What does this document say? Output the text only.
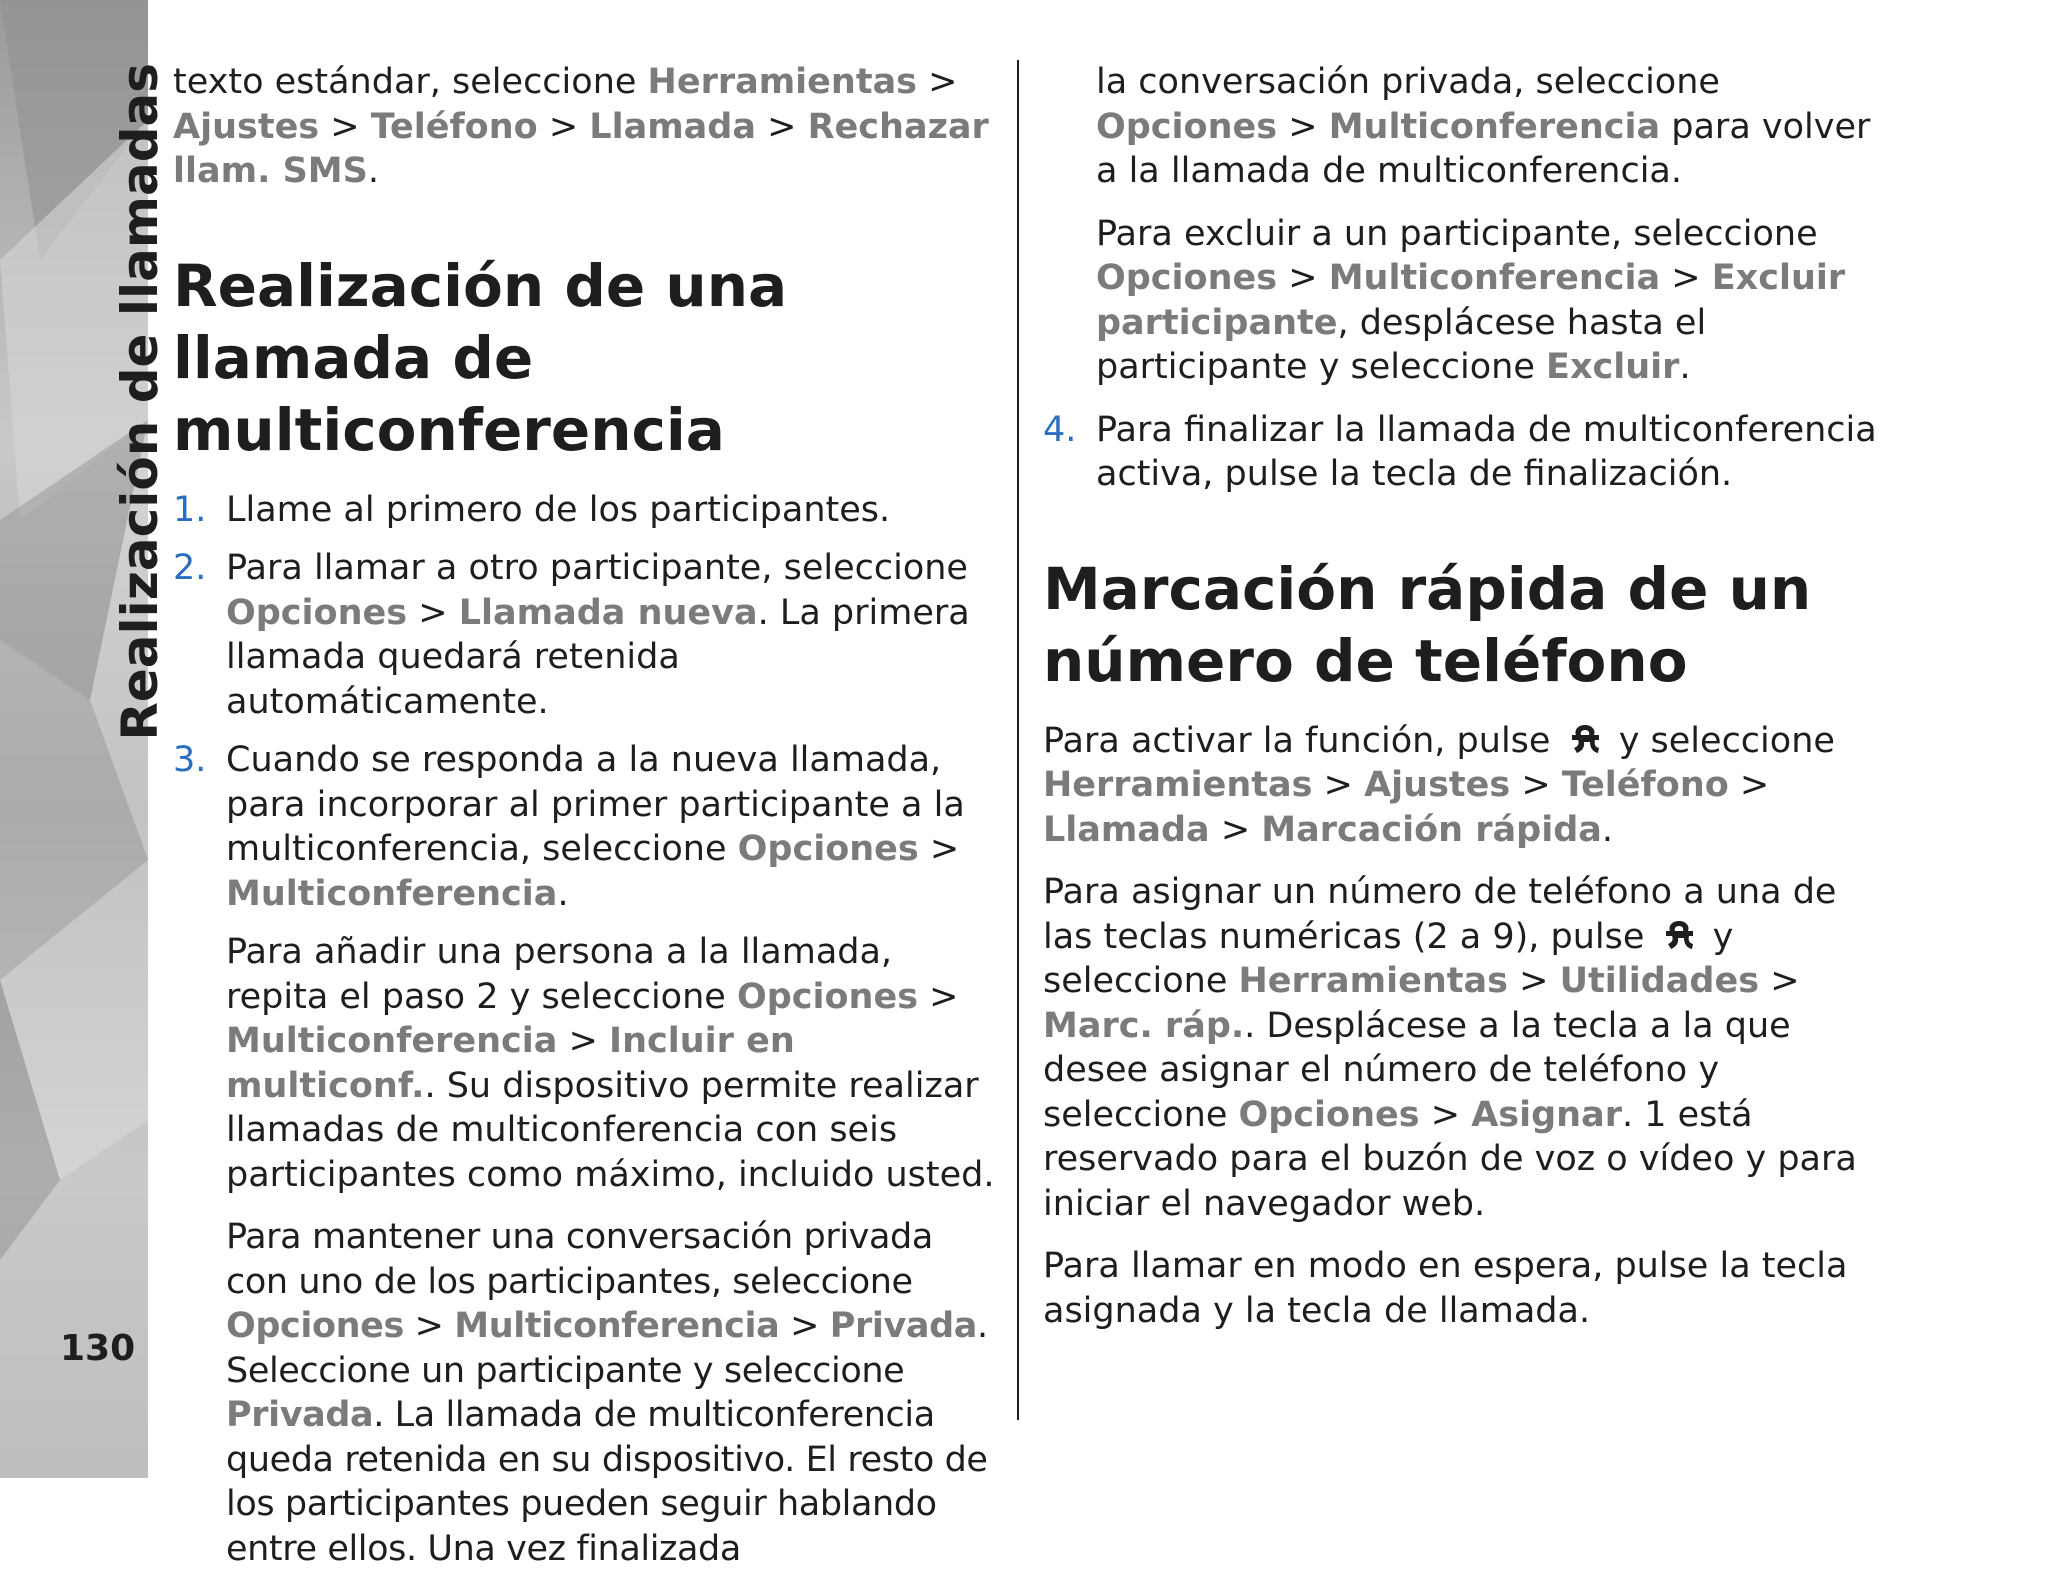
Realización de llamadas
130

texto estándar, seleccione Herramientas > Ajustes > Teléfono > Llamada > Rechazar llam. SMS.

Realización de una llamada de multiconferencia
1. Llame al primero de los participantes.
2. Para llamar a otro participante, seleccione Opciones > Llamada nueva. La primera llamada quedará retenida automáticamente.
3. Cuando se responda a la nueva llamada, para incorporar al primer participante a la multiconferencia, seleccione Opciones > Multiconferencia.

Para añadir una persona a la llamada, repita el paso 2 y seleccione Opciones > Multiconferencia > Incluir en multiconf.. Su dispositivo permite realizar llamadas de multiconferencia con seis participantes como máximo, incluido usted.

Para mantener una conversación privada con uno de los participantes, seleccione Opciones > Multiconferencia > Privada. Seleccione un participante y seleccione Privada. La llamada de multiconferencia queda retenida en su dispositivo. El resto de los participantes pueden seguir hablando entre ellos. Una vez finalizada

la conversación privada, seleccione Opciones > Multiconferencia para volver a la llamada de multiconferencia.

Para excluir a un participante, seleccione Opciones > Multiconferencia > Excluir participante, desplácese hasta el participante y seleccione Excluir.

4. Para finalizar la llamada de multiconferencia activa, pulse la tecla de finalización.
Marcación rápida de un número de teléfono

Para activar la función, pulse  y seleccione Herramientas > Ajustes > Teléfono > Llamada > Marcación rápida.

Para asignar un número de teléfono a una de las teclas numéricas (2 a 9), pulse  y seleccione Herramientas > Utilidades > Marc. ráp.. Desplácese a la tecla a la que desee asignar el número de teléfono y seleccione Opciones > Asignar. 1 está reservado para el buzón de voz o vídeo y para iniciar el navegador web.

Para llamar en modo en espera, pulse la tecla asignada y la tecla de llamada.
